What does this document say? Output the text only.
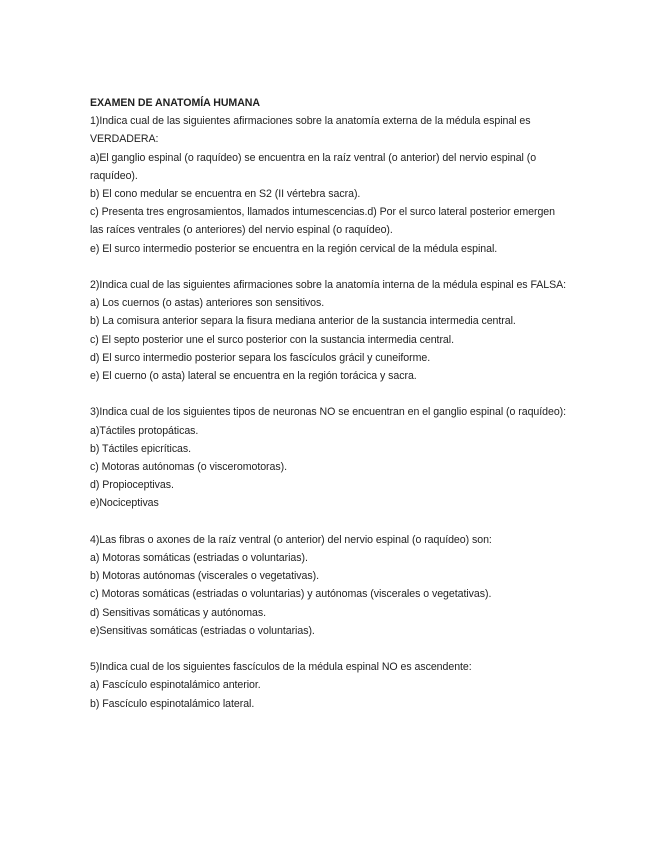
EXAMEN DE ANATOMÍA HUMANA

1)Indica cual de las siguientes afirmaciones sobre la anatomía externa de la médula espinal es VERDADERA:

a)El ganglio espinal (o raquídeo) se encuentra en la raíz ventral (o anterior) del nervio espinal (o raquídeo).

b) El cono medular se encuentra en S2 (II vértebra sacra).

c) Presenta tres engrosamientos, llamados intumescencias.d) Por el surco lateral posterior emergen las raíces ventrales (o anteriores) del nervio espinal (o raquídeo).

e) El surco intermedio posterior se encuentra en la región cervical de la médula espinal.

2)Indica cual de las siguientes afirmaciones sobre la anatomía interna de la médula espinal es FALSA:

a) Los cuernos (o astas) anteriores son sensitivos.

b) La comisura anterior separa la fisura mediana anterior de la sustancia intermedia central.

c) El septo posterior une el surco posterior con la sustancia intermedia central.

d) El surco intermedio posterior separa los fascículos grácil y cuneiforme.

e) El cuerno (o asta) lateral se encuentra en la región torácica y sacra.

3)Indica cual de los siguientes tipos de neuronas NO se encuentran en el ganglio espinal (o raquídeo):

a)Táctiles protopáticas.

b) Táctiles epicríticas.

c) Motoras autónomas (o visceromotoras).

d) Propioceptivas.

e)Nociceptivas

4)Las fibras o axones de la raíz ventral (o anterior) del nervio espinal (o raquídeo) son:

a) Motoras somáticas (estriadas o voluntarias).

b) Motoras autónomas (viscerales o vegetativas).

c) Motoras somáticas (estriadas o voluntarias) y autónomas (viscerales o vegetativas).

d) Sensitivas somáticas y autónomas.

e)Sensitivas somáticas (estriadas o voluntarias).

5)Indica cual de los siguientes fascículos de la médula espinal NO es ascendente:

a) Fascículo espinotalámico anterior.

b) Fascículo espinotalámico lateral.
